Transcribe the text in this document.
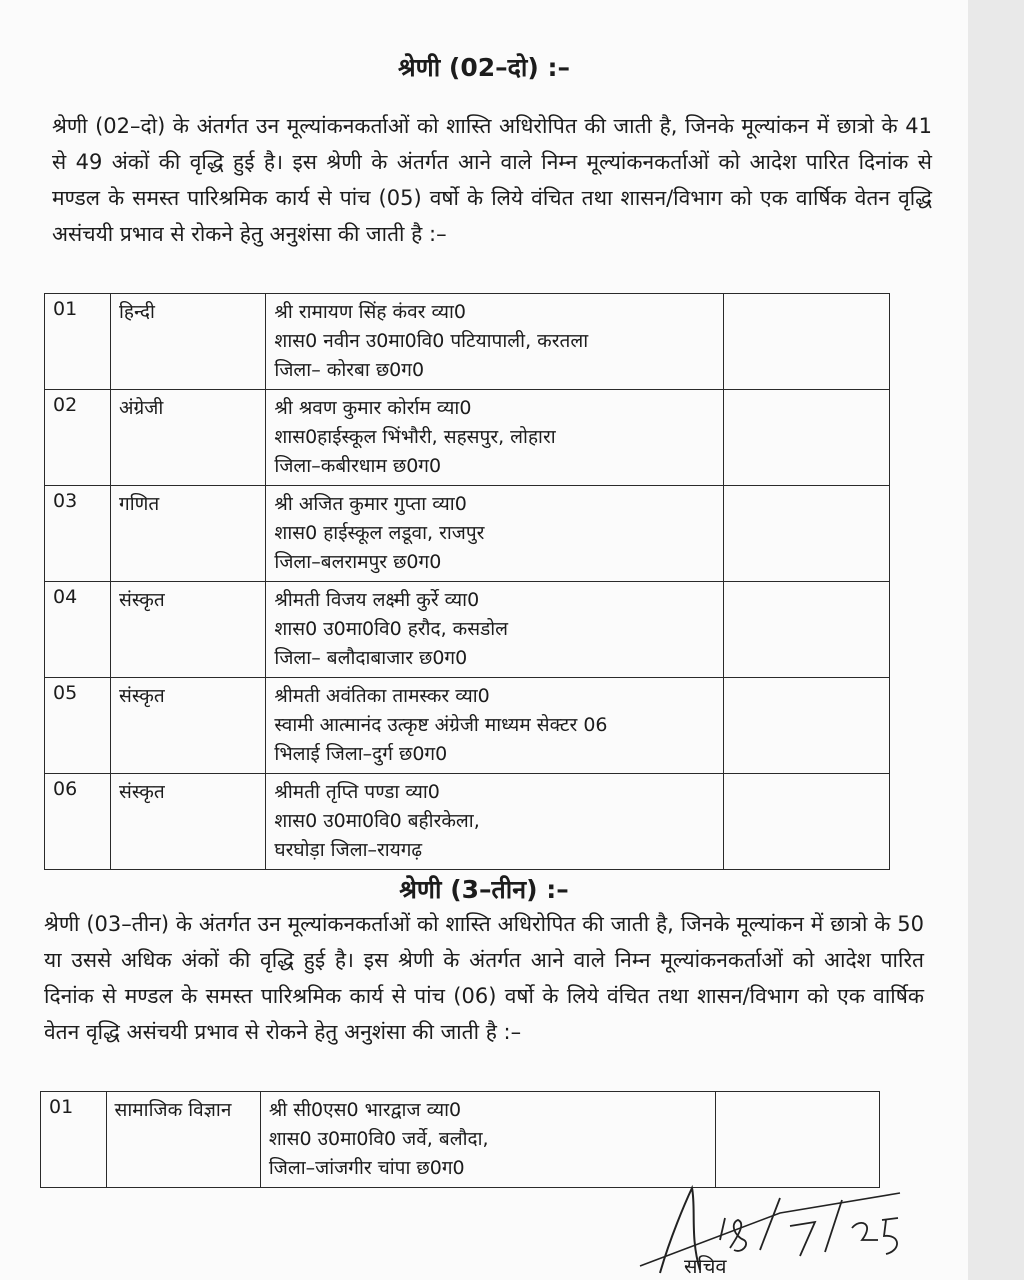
श्रेणी (02–दो) :–

श्रेणी (02–दो) के अंतर्गत उन मूल्यांकनकर्ताओं को शास्ति अधिरोपित की जाती है, जिनके मूल्यांकन में छात्रो के 41 से 49 अंकों की वृद्धि हुई है। इस श्रेणी के अंतर्गत आने वाले निम्न मूल्यांकनकर्ताओं को आदेश पारित दिनांक से मण्डल के समस्त पारिश्रमिक कार्य से पांच (05) वर्षो के लिये वंचित तथा शासन/विभाग को एक वार्षिक वेतन वृद्धि असंचयी प्रभाव से रोकने हेतु अनुशंसा की जाती है :–

01	हिन्दी	श्री रामायण सिंह कंवर व्या0
शास0 नवीन उ0मा0वि0 पटियापाली, करतला
जिला– कोरबा छ0ग0	

02	अंग्रेजी	श्री श्रवण कुमार कोर्राम व्या0
शास0हाईस्कूल भिंभौरी, सहसपुर, लोहारा
जिला–कबीरधाम छ0ग0	

03	गणित	श्री अजित कुमार गुप्ता व्या0
शास0 हाईस्कूल लडूवा, राजपुर
जिला–बलरामपुर छ0ग0	

04	संस्कृत	श्रीमती विजय लक्ष्मी कुर्रे व्या0
शास0 उ0मा0वि0 हरौद, कसडोल
जिला– बलौदाबाजार छ0ग0	

05	संस्कृत	श्रीमती अवंतिका तामस्कर व्या0
स्वामी आत्मानंद उत्कृष्ट अंग्रेजी माध्यम सेक्टर 06
भिलाई जिला–दुर्ग छ0ग0	

06	संस्कृत	श्रीमती तृप्ति पण्डा व्या0
शास0 उ0मा0वि0 बहीरकेला,
घरघोड़ा जिला–रायगढ़	

श्रेणी (3–तीन) :–

श्रेणी (03–तीन) के अंतर्गत उन मूल्यांकनकर्ताओं को शास्ति अधिरोपित की जाती है, जिनके मूल्यांकन में छात्रो के 50 या उससे अधिक अंकों की वृद्धि हुई है। इस श्रेणी के अंतर्गत आने वाले निम्न मूल्यांकनकर्ताओं को आदेश पारित दिनांक से मण्डल के समस्त पारिश्रमिक कार्य से पांच (06) वर्षो के लिये वंचित तथा शासन/विभाग को एक वार्षिक वेतन वृद्धि असंचयी प्रभाव से रोकने हेतु अनुशंसा की जाती है :–

01	सामाजिक विज्ञान	श्री सी0एस0 भारद्वाज व्या0
शास0 उ0मा0वि0 जर्वे, बलौदा,
जिला–जांजगीर चांपा छ0ग0

सचिव
